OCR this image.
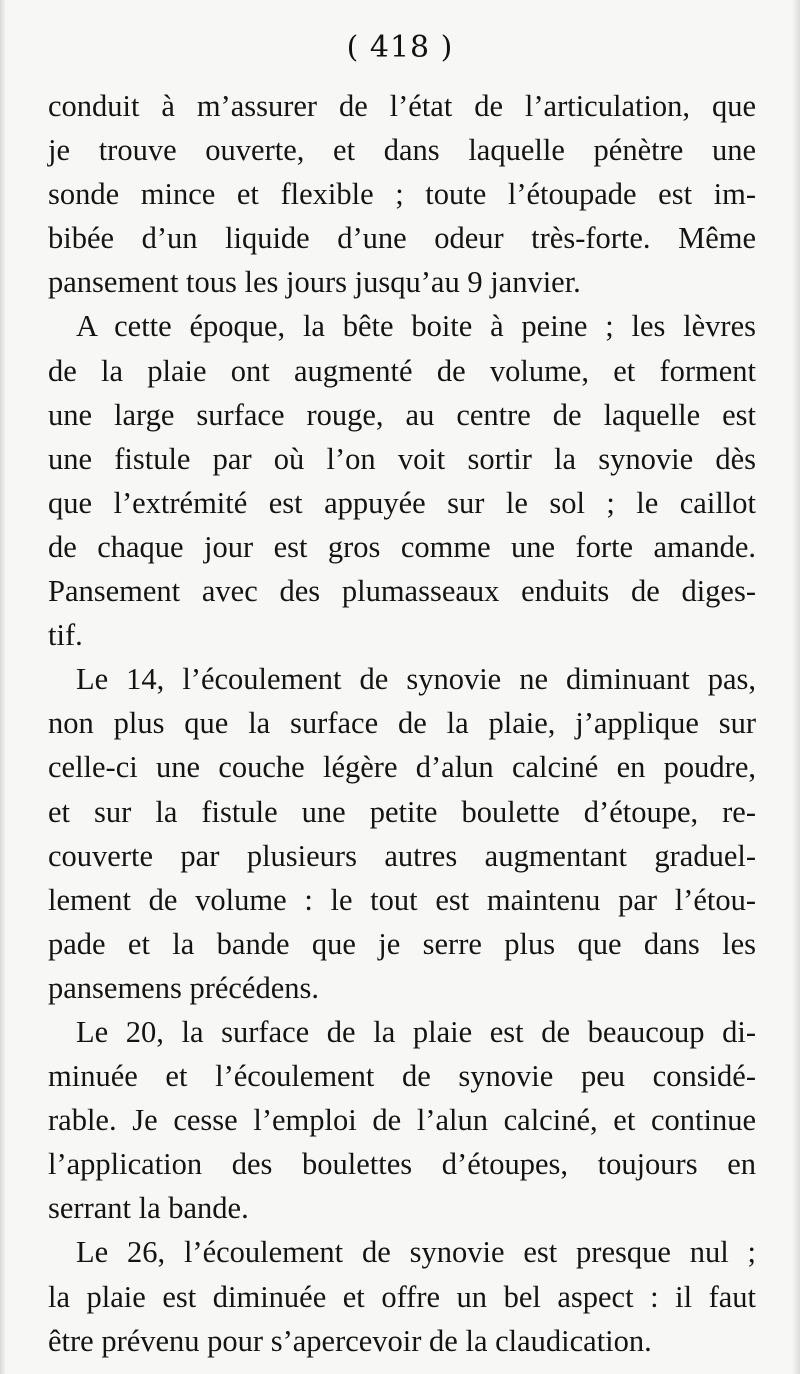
( 418 )
conduit à m’assurer de l’état de l’articulation, que
je trouve ouverte, et dans laquelle pénètre une
sonde mince et flexible ; toute l’étoupade est im-
bibée d’un liquide d’une odeur très-forte. Même
pansement tous les jours jusqu’au 9 janvier.
A cette époque, la bête boite à peine ; les lèvres
de la plaie ont augmenté de volume, et forment
une large surface rouge, au centre de laquelle est
une fistule par où l’on voit sortir la synovie dès
que l’extrémité est appuyée sur le sol ; le caillot
de chaque jour est gros comme une forte amande.
Pansement avec des plumasseaux enduits de diges-
tif.
Le 14, l’écoulement de synovie ne diminuant pas,
non plus que la surface de la plaie, j’applique sur
celle-ci une couche légère d’alun calciné en poudre,
et sur la fistule une petite boulette d’étoupe, re-
couverte par plusieurs autres augmentant graduel-
lement de volume : le tout est maintenu par l’étou-
pade et la bande que je serre plus que dans les
pansemens précédens.
Le 20, la surface de la plaie est de beaucoup di-
minuée et l’écoulement de synovie peu considé-
rable. Je cesse l’emploi de l’alun calciné, et continue
l’application des boulettes d’étoupes, toujours en
serrant la bande.
Le 26, l’écoulement de synovie est presque nul ;
la plaie est diminuée et offre un bel aspect : il faut
être prévenu pour s’apercevoir de la claudication.
